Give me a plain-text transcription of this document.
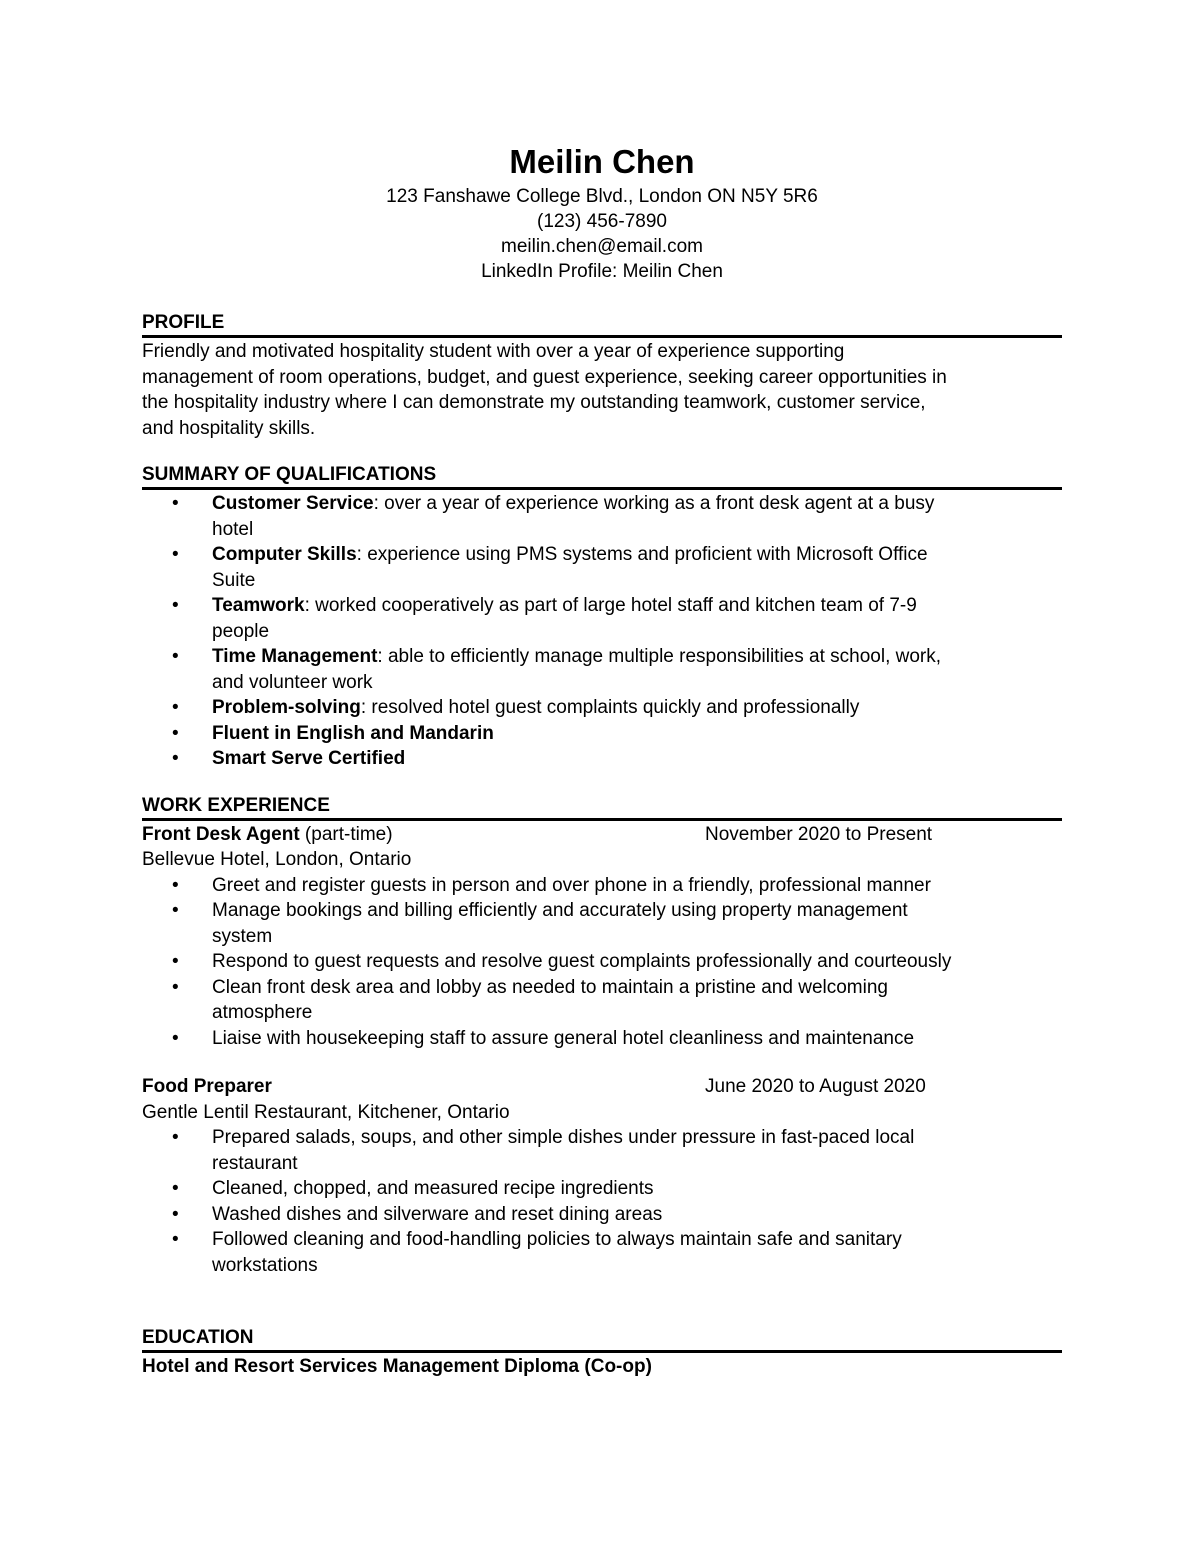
Meilin Chen
123 Fanshawe College Blvd., London ON N5Y 5R6
(123) 456-7890
meilin.chen@email.com
LinkedIn Profile: Meilin Chen
PROFILE
Friendly and motivated hospitality student with over a year of experience supporting
management of room operations, budget, and guest experience, seeking career opportunities in
the hospitality industry where I can demonstrate my outstanding teamwork, customer service,
and hospitality skills.
SUMMARY OF QUALIFICATIONS
• Customer Service: over a year of experience working as a front desk agent at a busy
hotel
• Computer Skills: experience using PMS systems and proficient with Microsoft Office
Suite
• Teamwork: worked cooperatively as part of large hotel staff and kitchen team of 7-9
people
• Time Management: able to efficiently manage multiple responsibilities at school, work,
and volunteer work
• Problem-solving: resolved hotel guest complaints quickly and professionally
• Fluent in English and Mandarin
• Smart Serve Certified
WORK EXPERIENCE
Front Desk Agent (part-time)	November 2020 to Present
Bellevue Hotel, London, Ontario
• Greet and register guests in person and over phone in a friendly, professional manner
• Manage bookings and billing efficiently and accurately using property management
system
• Respond to guest requests and resolve guest complaints professionally and courteously
• Clean front desk area and lobby as needed to maintain a pristine and welcoming
atmosphere
• Liaise with housekeeping staff to assure general hotel cleanliness and maintenance
Food Preparer	June 2020 to August 2020
Gentle Lentil Restaurant, Kitchener, Ontario
• Prepared salads, soups, and other simple dishes under pressure in fast-paced local
restaurant
• Cleaned, chopped, and measured recipe ingredients
• Washed dishes and silverware and reset dining areas
• Followed cleaning and food-handling policies to always maintain safe and sanitary
workstations
EDUCATION
Hotel and Resort Services Management Diploma (Co-op)
